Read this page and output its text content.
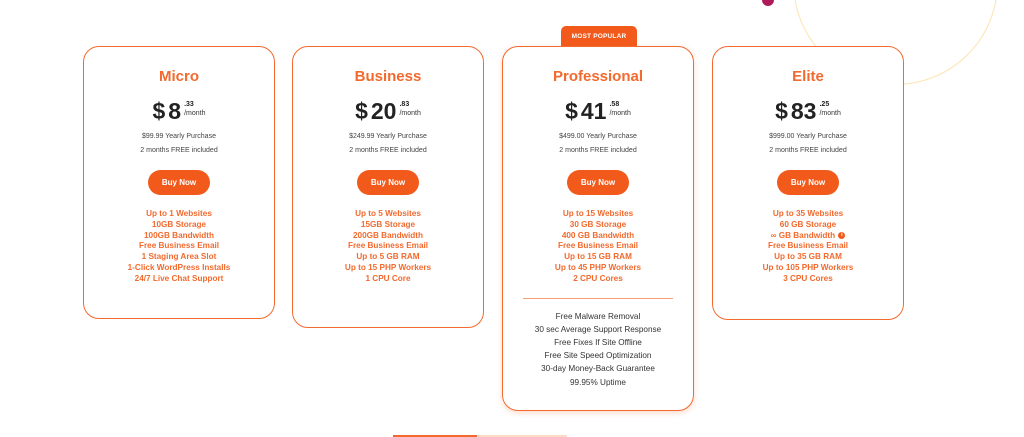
MOST POPULAR
Micro
$ 8 .33
/month
$99.99 Yearly Purchase
2 months FREE included
Buy Now
Up to 1 Websites
10GB Storage
100GB Bandwidth
Free Business Email
1 Staging Area Slot
1-Click WordPress Installs
24/7 Live Chat Support
Business
$ 20 .83
/month
$249.99 Yearly Purchase
2 months FREE included
Buy Now
Up to 5 Websites
15GB Storage
200GB Bandwidth
Free Business Email
Up to 5 GB RAM
Up to 15 PHP Workers
1 CPU Core
Professional
$ 41 .58
/month
$499.00 Yearly Purchase
2 months FREE included
Buy Now
Up to 15 Websites
30 GB Storage
400 GB Bandwidth
Free Business Email
Up to 15 GB RAM
Up to 45 PHP Workers
2 CPU Cores
Free Malware Removal
30 sec Average Support Response
Free Fixes If Site Offline
Free Site Speed Optimization
30-day Money-Back Guarantee
99.95% Uptime
Elite
$ 83 .25
/month
$999.00 Yearly Purchase
2 months FREE included
Buy Now
Up to 35 Websites
60 GB Storage
∞ GB Bandwidth i
Free Business Email
Up to 35 GB RAM
Up to 105 PHP Workers
3 CPU Cores
